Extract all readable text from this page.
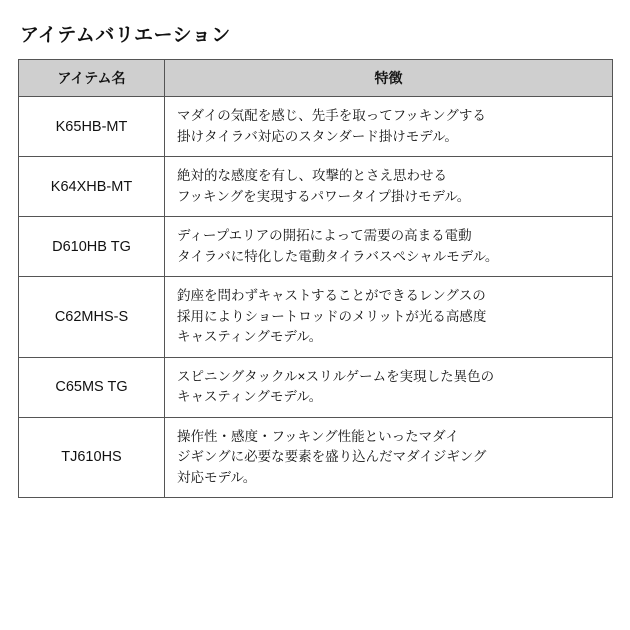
アイテムバリエーション
アイテム名	特徴
K65HB-MT	マダイの気配を感じ、先手を取ってフッキングする
掛けタイラバ対応のスタンダード掛けモデル。

K64XHB-MT	絶対的な感度を有し、攻撃的とさえ思わせる
フッキングを実現するパワータイプ掛けモデル。

D610HB TG	ディープエリアの開拓によって需要の高まる電動
タイラバに特化した電動タイラバスペシャルモデル。

C62MHS-S	釣座を問わずキャストすることができるレングスの
採用によりショートロッドのメリットが光る高感度
キャスティングモデル。

C65MS TG	スピニングタックル×スリルゲームを実現した異色の
キャスティングモデル。

TJ610HS	操作性・感度・フッキング性能といったマダイ
ジギングに必要な要素を盛り込んだマダイジギング
対応モデル。
